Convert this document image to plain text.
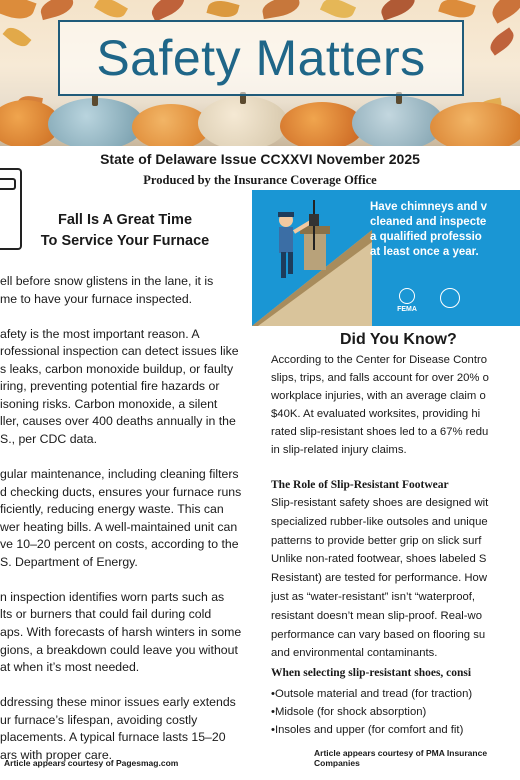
Safety Matters
State of Delaware Issue CCXXVI November 2025
Produced by the Insurance Coverage Office
Fall Is A Great Time
To Service Your Furnace
ell before snow glistens in the lane, it is
me to have your furnace inspected.
afety is the most important reason. A
rofessional inspection can detect issues like
s leaks, carbon monoxide buildup, or faulty
iring, preventing potential fire hazards or
isoning risks. Carbon monoxide, a silent
ller, causes over 400 deaths annually in the
S., per CDC data.
gular maintenance, including cleaning filters
d checking ducts, ensures your furnace runs
ficiently, reducing energy waste. This can
wer heating bills. A well-maintained unit can
ve 10–20 percent on costs, according to the
S. Department of Energy.
n inspection identifies worn parts such as
lts or burners that could fail during cold
aps. With forecasts of harsh winters in some
gions, a breakdown could leave you without
at when it’s most needed.
ddressing these minor issues early extends
ur furnace’s lifespan, avoiding costly
placements. A typical furnace lasts 15–20
ars with proper care.
Article appears courtesy of Pagesmag.com
Have chimneys and v
cleaned and inspecte
a qualified professio
at least once a year.
FEMA
Did You Know?
According to the Center for Disease Contro
slips, trips, and falls account for over 20% o
workplace injuries, with an average claim o
$40K. At evaluated worksites, providing hi
rated slip-resistant shoes led to a 67% redu
in slip-related injury claims.
The Role of Slip-Resistant Footwear
Slip-resistant safety shoes are designed wit
specialized rubber-like outsoles and unique
patterns to provide better grip on slick surf
Unlike non-rated footwear, shoes labeled S
Resistant) are tested for performance. How
just as “water-resistant” isn’t “waterproof,
resistant doesn’t mean slip-proof. Real-wo
performance can vary based on flooring su
and environmental contaminants.
When selecting slip-resistant shoes, consi
•Outsole material and tread (for traction)
•Midsole (for shock absorption)
•Insoles and upper (for comfort and fit)
Article appears courtesy of PMA Insurance Companies
